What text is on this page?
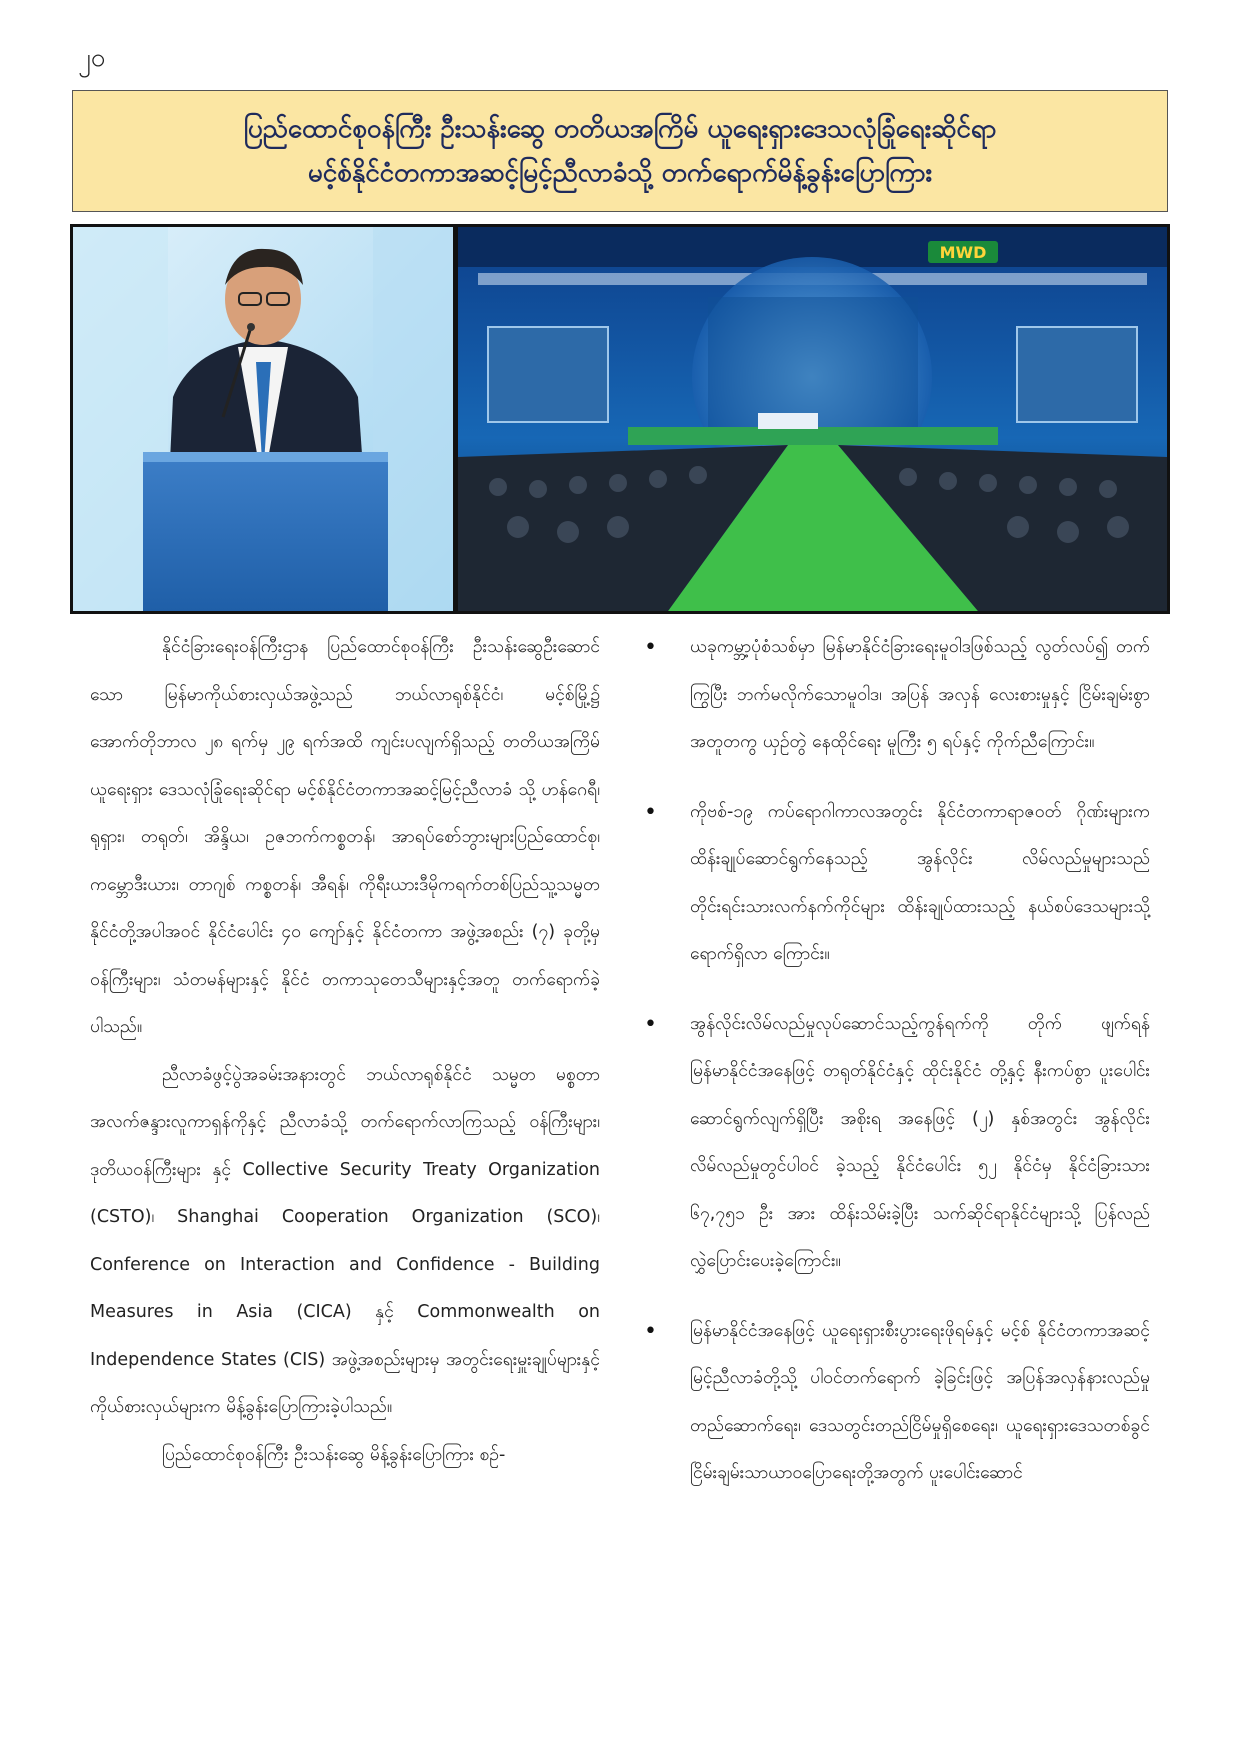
၂၀
ပြည်ထောင်စုဝန်ကြီး ဦးသန်းဆွေ တတိယအကြိမ် ယူရေးရှားဒေသလုံခြုံရေးဆိုင်ရာ
မင့်စ်နိုင်ငံတကာအဆင့်မြင့်ညီလာခံသို့ တက်ရောက်မိန့်ခွန်းပြောကြား
MWD

နိုင်ငံခြားရေးဝန်ကြီးဌာန ပြည်ထောင်စုဝန်ကြီး ဦးသန်းဆွေဦးဆောင်သော မြန်မာကိုယ်စားလှယ်အဖွဲ့သည် ဘယ်လာရုစ်နိုင်ငံ၊ မင့်စ်မြို့၌ အောက်တိုဘာလ ၂၈ ရက်မှ ၂၉ ရက်အထိ ကျင်းပလျက်ရှိသည့် တတိယအကြိမ် ယူရေးရှား ဒေသလုံခြုံရေးဆိုင်ရာ မင့်စ်နိုင်ငံတကာအဆင့်မြင့်ညီလာခံ သို့ ဟန်ဂေရီ၊ ရုရှား၊ တရုတ်၊ အိန္ဒိယ၊ ဥဇဘက်ကစ္စတန်၊ အာရပ်စော်ဘွားများပြည်ထောင်စု၊ ကမ္ဘောဒီးယား၊ တာဂျစ် ကစ္စတန်၊ အီရန်၊ ကိုရီးယားဒီမိုကရက်တစ်ပြည်သူ့သမ္မတ နိုင်ငံတို့အပါအဝင် နိုင်ငံပေါင်း ၄၀ ကျော်နှင့် နိုင်ငံတကာ အဖွဲ့အစည်း (၇) ခုတို့မှ ဝန်ကြီးများ၊ သံတမန်များနှင့် နိုင်ငံ တကာသုတေသီများနှင့်အတူ တက်ရောက်ခဲ့ပါသည်။

ညီလာခံဖွင့်ပွဲအခမ်းအနားတွင် ဘယ်လာရုစ်နိုင်ငံ သမ္မတ မစ္စတာ အလက်ဇန္ဒားလူကာရှန်ကိုနှင့် ညီလာခံသို့ တက်ရောက်လာကြသည့် ဝန်ကြီးများ၊ ဒုတိယဝန်ကြီးများ နှင့် Collective Security Treaty Organization (CSTO)၊ Shanghai Cooperation Organization (SCO)၊ Conference on Interaction and Confidence - Building Measures in Asia (CICA) နှင့် Commonwealth on Independence States (CIS) အဖွဲ့အစည်းများမှ အတွင်းရေးမှူးချုပ်များနှင့် ကိုယ်စားလှယ်များက မိန့်ခွန်းပြောကြားခဲ့ပါသည်။

ပြည်ထောင်စုဝန်ကြီး ဦးသန်းဆွေ မိန့်ခွန်းပြောကြား စဉ်-

• ယခုကမ္ဘာ့ပုံစံသစ်မှာ မြန်မာနိုင်ငံခြားရေးမူဝါဒဖြစ်သည့် လွတ်လပ်၍ တက်ကြွပြီး ဘက်မလိုက်သောမူဝါဒ၊ အပြန် အလှန် လေးစားမှုနှင့် ငြိမ်းချမ်းစွာအတူတကွ ယှဉ်တွဲ နေထိုင်ရေး မူကြီး ၅ ရပ်နှင့် ကိုက်ညီကြောင်း။
• ကိုဗစ်-၁၉ ကပ်ရောဂါကာလအတွင်း နိုင်ငံတကာရာဇဝတ် ဂိုဏ်းများက ထိန်းချုပ်ဆောင်ရွက်နေသည့် အွန်လိုင်း လိမ်လည်မှုများသည် တိုင်းရင်းသားလက်နက်ကိုင်များ ထိန်းချုပ်ထားသည့် နယ်စပ်ဒေသများသို့ ရောက်ရှိလာ ကြောင်း။
• အွန်လိုင်းလိမ်လည်မှုလုပ်ဆောင်သည့်ကွန်ရက်ကို တိုက် ဖျက်ရန် မြန်မာနိုင်ငံအနေဖြင့် တရုတ်နိုင်ငံနှင့် ထိုင်းနိုင်ငံ တို့နှင့် နီးကပ်စွာ ပူးပေါင်းဆောင်ရွက်လျက်ရှိပြီး အစိုးရ အနေဖြင့် (၂) နှစ်အတွင်း အွန်လိုင်းလိမ်လည်မှုတွင်ပါဝင် ခဲ့သည့် နိုင်ငံပေါင်း ၅၂ နိုင်ငံမှ နိုင်ငံခြားသား ၆၇,၇၅၁ ဦး အား ထိန်းသိမ်းခဲ့ပြီး သက်ဆိုင်ရာနိုင်ငံများသို့ ပြန်လည် လွှဲပြောင်းပေးခဲ့ကြောင်း။
• မြန်မာနိုင်ငံအနေဖြင့် ယူရေးရှားစီးပွားရေးဖိုရမ်နှင့် မင့်စ် နိုင်ငံတကာအဆင့်မြင့်ညီလာခံတို့သို့ ပါဝင်တက်ရောက် ခဲ့ခြင်းဖြင့် အပြန်အလှန်နားလည်မှုတည်ဆောက်ရေး၊ ဒေသတွင်းတည်ငြိမ်မှုရှိစေရေး၊ ယူရေးရှားဒေသတစ်ခွင် ငြိမ်းချမ်းသာယာဝပြောရေးတို့အတွက် ပူးပေါင်းဆောင်
